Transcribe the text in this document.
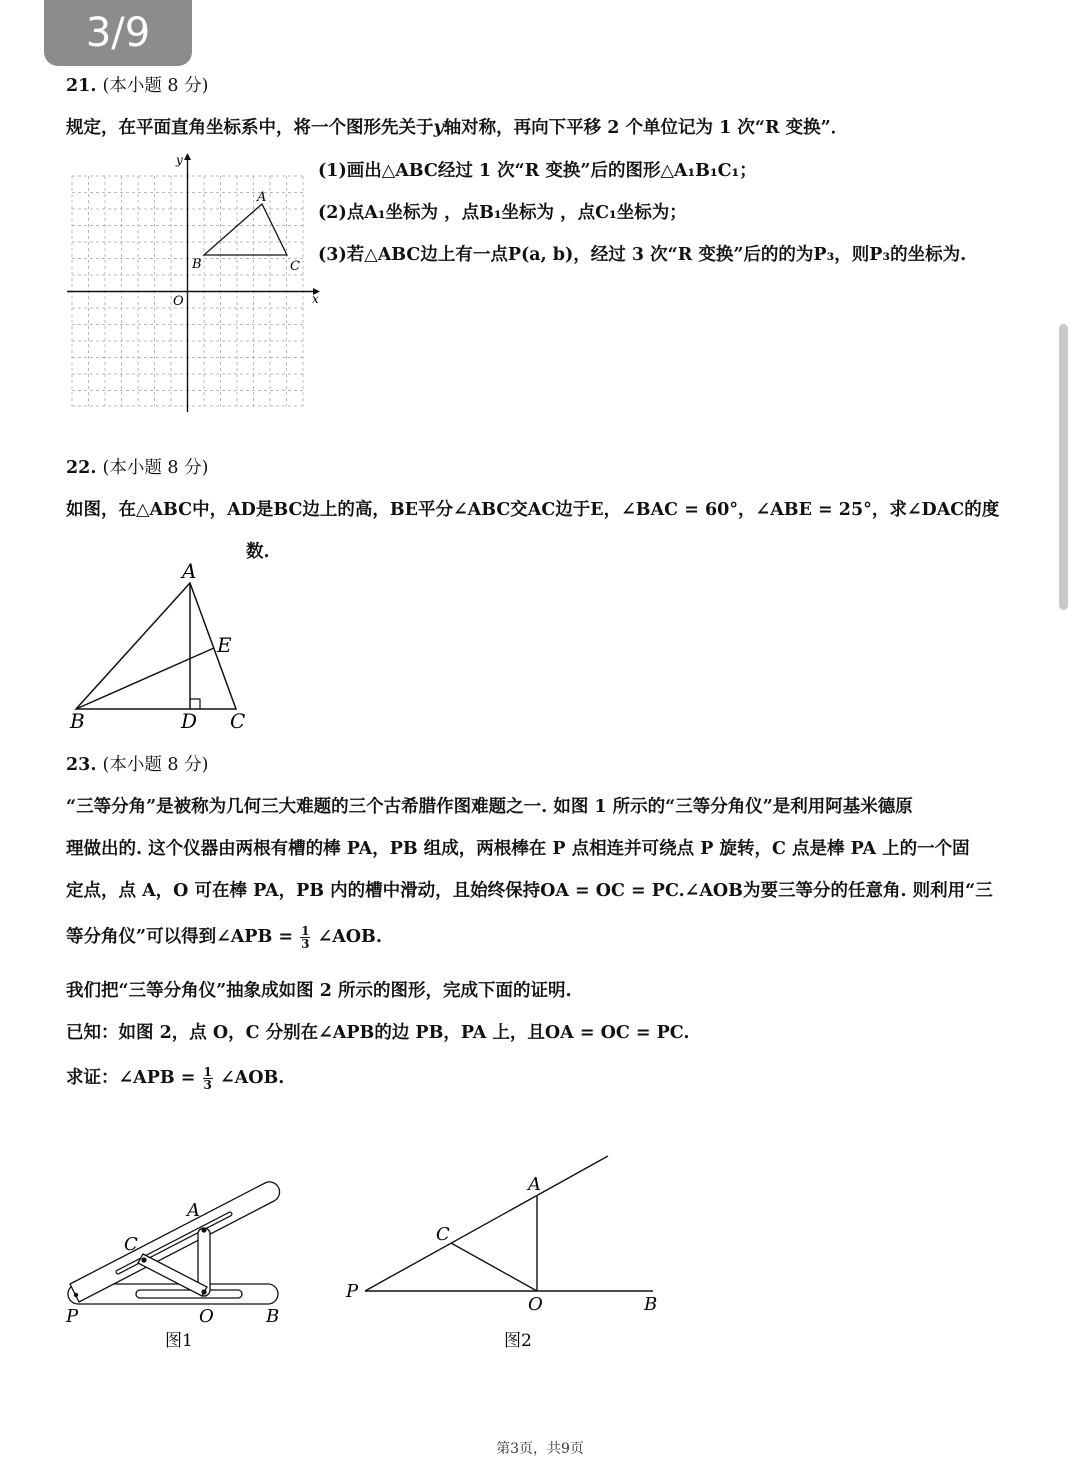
3/9
21. (本小题 8 分)
规定，在平面直角坐标系中，将一个图形先关于y轴对称，再向下平移 2 个单位记为 1 次“R 变换”．
y
x
O
A
B	C
(1)画出△ABC经过 1 次“R 变换”后的图形△A₁B₁C₁；
(2)点A₁坐标为 ，点B₁坐标为 ，点C₁坐标为；
(3)若△ABC边上有一点P(a, b)，经过 3 次“R 变换”后的的为P₃，则P₃的坐标为.
22. (本小题 8 分)
如图，在△ABC中，AD是BC边上的高，BE平分∠ABC交AC边于E，∠BAC = 60°，∠ABE = 25°，求∠DAC的度
数.
A
B	C
D
E
23. (本小题 8 分)
“三等分角”是被称为几何三大难题的三个古希腊作图难题之一. 如图 1 所示的“三等分角仪”是利用阿基米德原
理做出的. 这个仪器由两根有槽的棒 PA，PB 组成，两根棒在 P 点相连并可绕点 P 旋转，C 点是棒 PA 上的一个固
定点，点 A，O 可在棒 PA，PB 内的槽中滑动，且始终保持OA = OC = PC.∠AOB为要三等分的任意角. 则利用“三
等分角仪”可以得到∠APB = $\frac{1}{3}$ ∠AOB.
我们把“三等分角仪”抽象成如图 2 所示的图形，完成下面的证明.
已知：如图 2，点 O，C 分别在∠APB的边 PB，PA 上，且OA = OC = PC.
求证：∠APB = $\frac{1}{3}$ ∠AOB.
P	O	B
A
C
图1
P
O	B
A
C
图2
第3页，共9页
